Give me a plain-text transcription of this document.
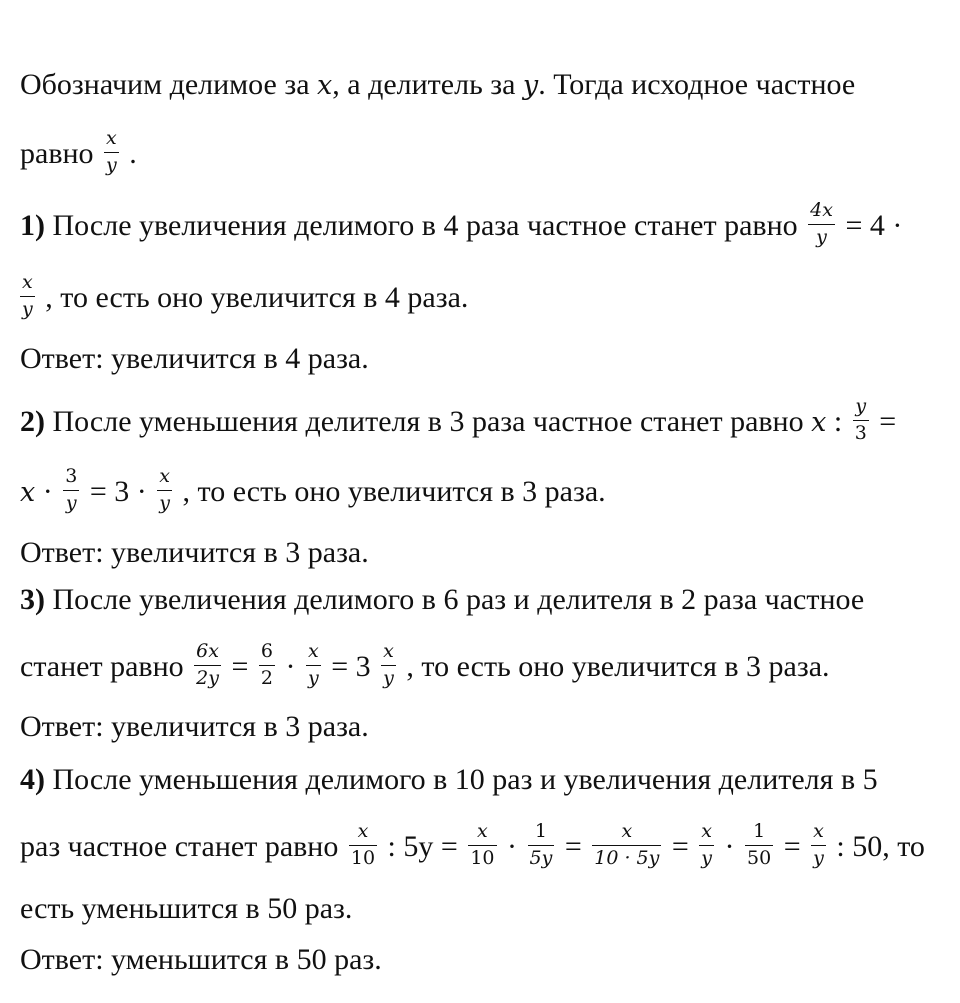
Обозначим делимое за x, а делитель за y. Тогда исходное частное
равно $\frac{x}{y}$ .
1) После увеличения делимого в 4 раза частное станет равно $\frac{4x}{y} = 4$ ·
$\frac{x}{y}$ , то есть оно увеличится в 4 раза.
Ответ: увеличится в 4 раза.
2) После уменьшения делителя в 3 раза частное станет равно x : $\frac{y}{3}$ =
$x \cdot \frac{3}{y} = 3 \cdot \frac{x}{y}$ , то есть оно увеличится в 3 раза.
Ответ: увеличится в 3 раза.
3) После увеличения делимого в 6 раз и делителя в 2 раза частное
станет равно $\frac{6x}{2y} = \frac{6}{2} \cdot \frac{x}{y} = 3 \frac{x}{y}$ , то есть оно увеличится в 3 раза.
Ответ: увеличится в 3 раза.
4) После уменьшения делимого в 10 раз и увеличения делителя в 5
раз частное станет равно $\frac{x}{10}$ : $5y = \frac{x}{10} \cdot \frac{1}{5y} = \frac{x}{10 \cdot 5y} = \frac{x}{y} \cdot \frac{1}{50} = \frac{x}{y}$ : 50, то
есть уменьшится в 50 раз.
Ответ: уменьшится в 50 раз.
